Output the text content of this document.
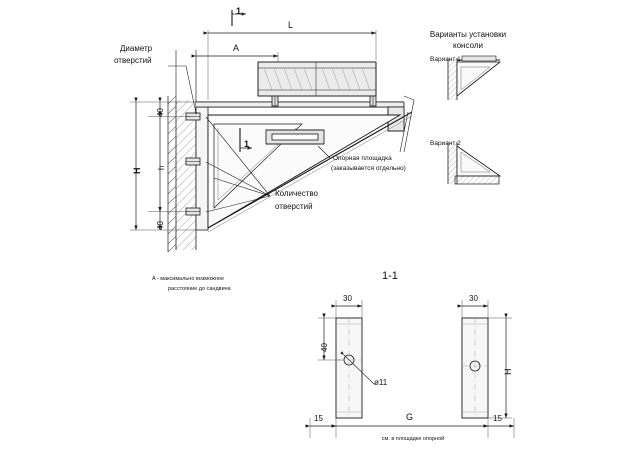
Диаметр
отверстий
L
A
1
1
40
h
40
H
Количество
отверстий
Опорная площадка
(заказывается отдельно)
Варианты установки
консоли
Вариант 1
Вариант 2
A - максимально возможное
расстояние до сандвича
1-1
30	30
40
H
ø11
15	15
G
см. в площадке опорной
